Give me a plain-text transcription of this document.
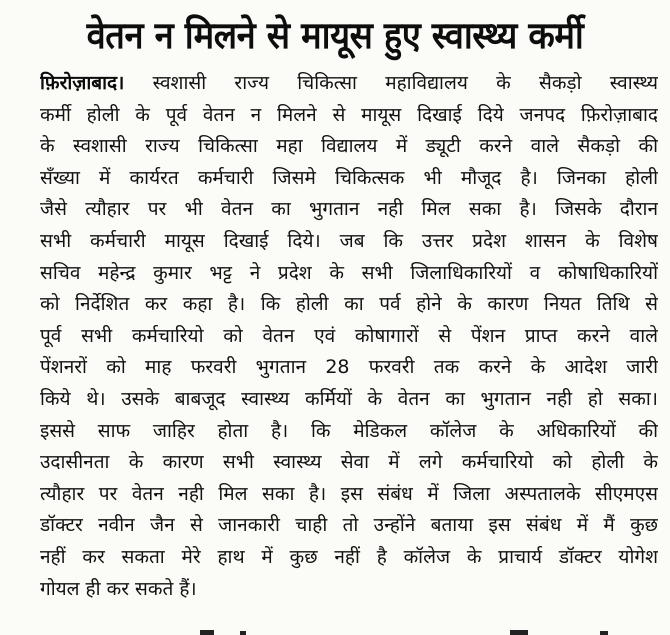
वेतन न मिलने से मायूस हुए स्वास्थ्य कर्मी
फ़िरोज़ाबाद। स्वशासी राज्य चिकित्सा महाविद्यालय के सैकड़ो स्वास्थ्य
कर्मी होली के पूर्व वेतन न मिलने से मायूस दिखाई दिये जनपद फ़िरोज़ाबाद
के स्वशासी राज्य चिकित्सा महा विद्यालय में ड्यूटी करने वाले सैकड़ो की
सँख्या में कार्यरत कर्मचारी जिसमे चिकित्सक भी मौजूद है। जिनका होली
जैसे त्यौहार पर भी वेतन का भुगतान नही मिल सका है। जिसके दौरान
सभी कर्मचारी मायूस दिखाई दिये। जब कि उत्तर प्रदेश शासन के विशेष
सचिव महेन्द्र कुमार भट्ट ने प्रदेश के सभी जिलाधिकारियों व कोषाधिकारियों
को निर्देशित कर कहा है। कि होली का पर्व होने के कारण नियत तिथि से
पूर्व सभी कर्मचारियो को वेतन एवं कोषागारों से पेंशन प्राप्त करने वाले
पेंशनरों को माह फरवरी भुगतान 28 फरवरी तक करने के आदेश जारी
किये थे। उसके बाबजूद स्वास्थ्य कर्मियों के वेतन का भुगतान नही हो सका।
इससे साफ जाहिर होता है। कि मेडिकल कॉलेज के अधिकारियों की
उदासीनता के कारण सभी स्वास्थ्य सेवा में लगे कर्मचारियो को होली के
त्यौहार पर वेतन नही मिल सका है। इस संबंध में जिला अस्पतालके सीएमएस
डॉक्टर नवीन जैन से जानकारी चाही तो उन्होंने बताया इस संबंध में मैं कुछ
नहीं कर सकता मेरे हाथ में कुछ नहीं है कॉलेज के प्राचार्य डॉक्टर योगेश
गोयल ही कर सकते हैं।
